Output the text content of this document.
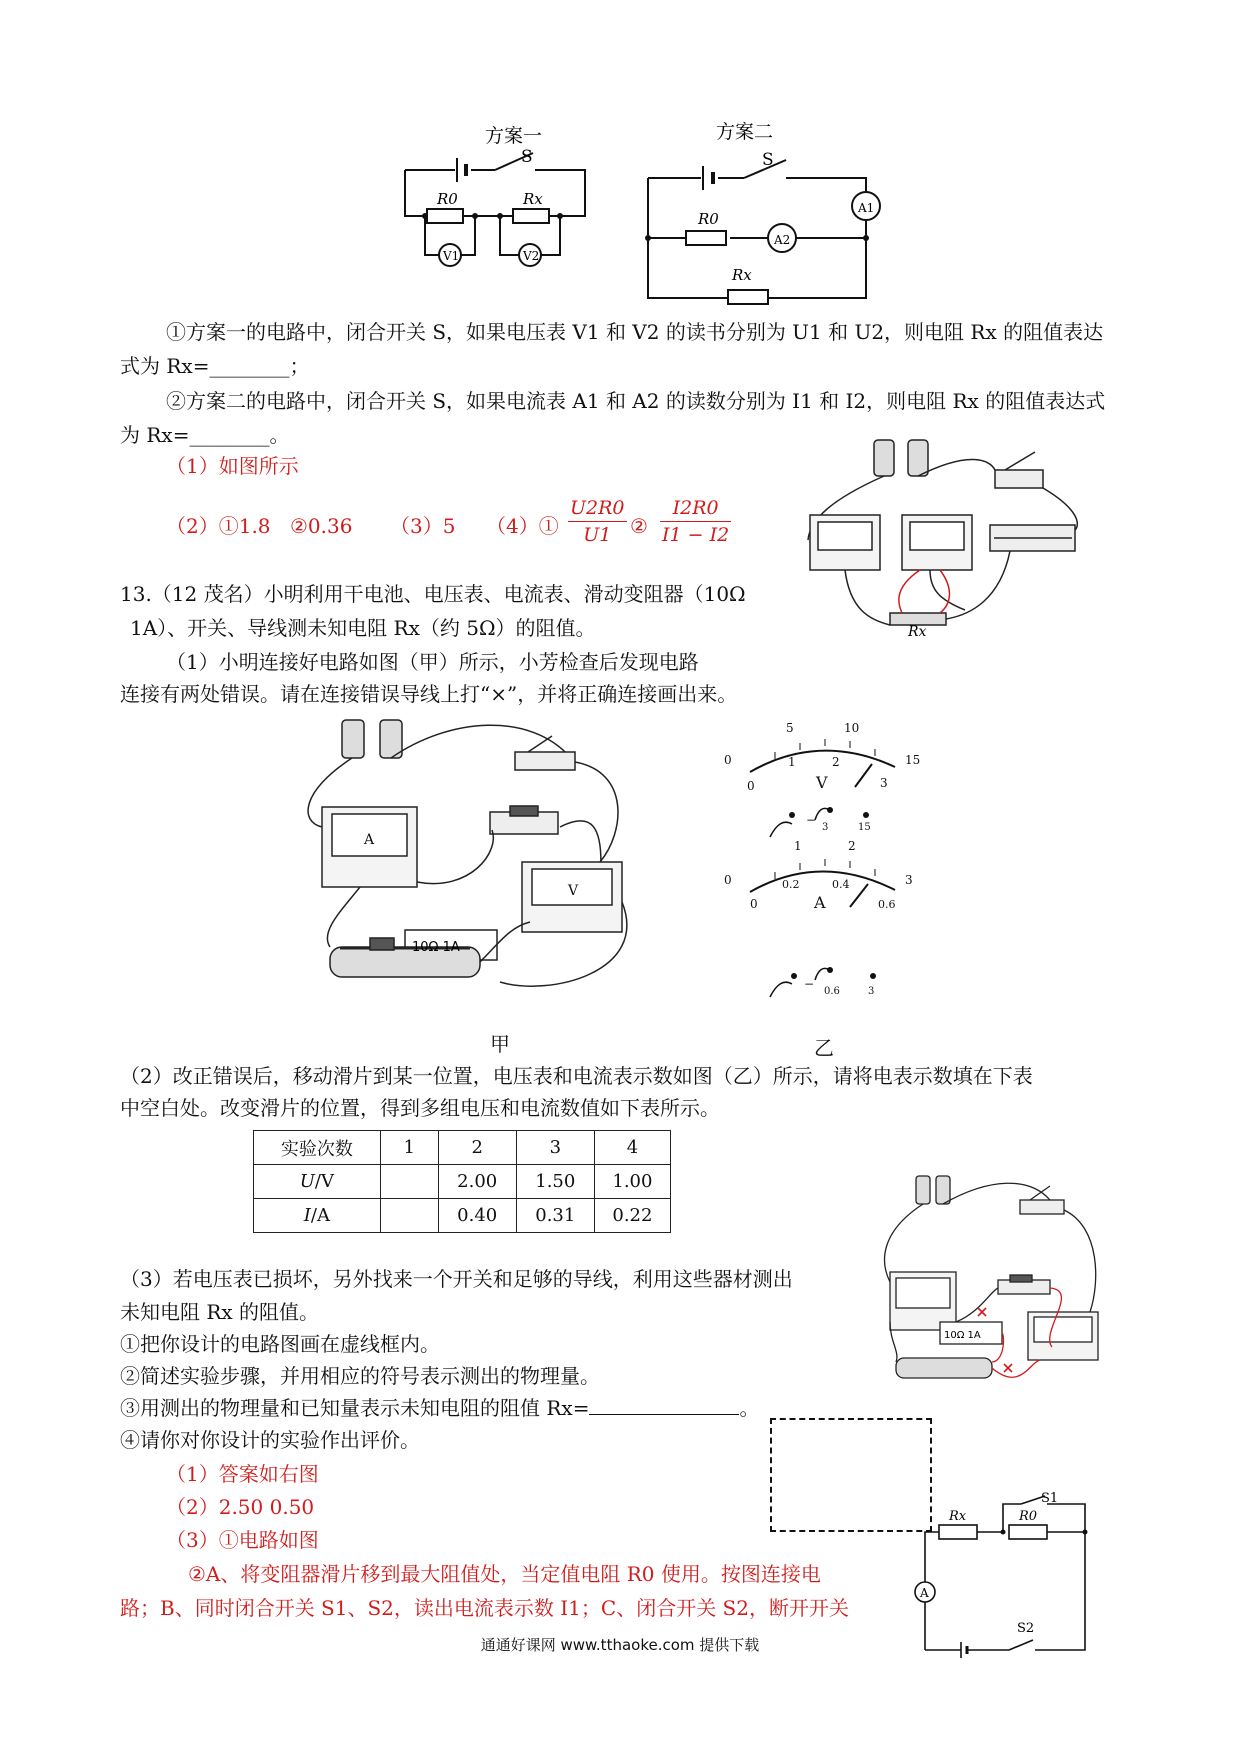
方案一
S
R0	Rx
V1	V2
方案二
S
R0
Rx
A1
A2
①方案一的电路中，闭合开关 S，如果电压表 V1 和 V2 的读书分别为 U1 和 U2，则电阻 Rx 的阻值表达
式为 Rx=________；
②方案二的电路中，闭合开关 S，如果电流表 A1 和 A2 的读数分别为 I1 和 I2，则电阻 Rx 的阻值表达式
为 Rx=________。
（1）如图所示
（2）①1.8 ②0.36 （3）5 （4）① $\frac{U2R0}{U1}$ ② $\frac{I2R0}{I1 - I2}$
Rx
13.（12 茂名）小明利用干电池、电压表、电流表、滑动变阻器（10Ω
1A）、开关、导线测未知电阻 Rx（约 5Ω）的阻值。
（1）小明连接好电路如图（甲）所示，小芳检查后发现电路
连接有两处错误。请在连接错误导线上打“×”，并将正确连接画出来。
A
V
10Ω 1A
0
5	10
15
0
1	2
3
V
−
3	15
0
1	2
3
0
0.2	0.4
0.6
A
−
0.6	3
甲	乙
（2）改正错误后，移动滑片到某一位置，电压表和电流表示数如图（乙）所示，请将电表示数填在下表
中空白处。改变滑片的位置，得到多组电压和电流数值如下表所示。
实验次数	1	2	3	4
U/V		2.00	1.50	1.00
I/A		0.40	0.31	0.22
10Ω 1A
（3）若电压表已损坏，另外找来一个开关和足够的导线，利用这些器材测出
未知电阻 Rx 的阻值。
①把你设计的电路图画在虚线框内。
②简述实验步骤，并用相应的符号表示测出的物理量。
③用测出的物理量和已知量表示未知电阻的阻值 Rx=	。
④请你对你设计的实验作出评价。
（1）答案如右图
（2）2.50 0.50
（3）①电路如图
②A、将变阻器滑片移到最大阻值处，当定值电阻 R0 使用。按图连接电
路；B、同时闭合开关 S1、S2，读出电流表示数 I1；C、闭合开关 S2，断开开关
S1
Rx	R0
A
S2
通通好课网 www.tthaoke.com 提供下载
